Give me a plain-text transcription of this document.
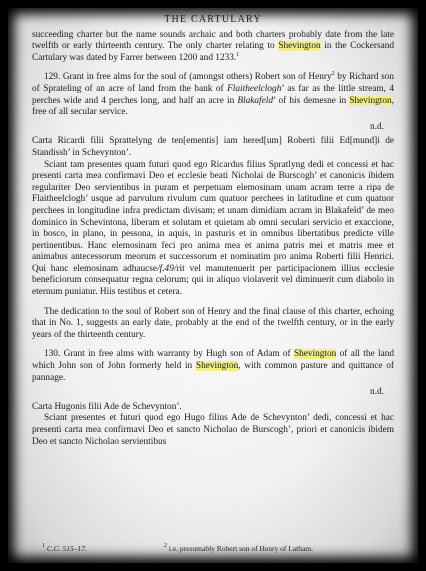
THE CARTULARY

succeeding charter but the name sounds archaic and both charters probably date from the late twelfth or early thirteenth century. The only charter relating to Shevington in the Cockersand Cartulary was dated by Farrer between 1200 and 1233.$^1$

129. Grant in free alms for the soul of (amongst others) Robert son of Henry$^2$ by Richard son of Sprateling of an acre of land from the bank of Flaitheelclogh’ as far as the little stream, 4 perches wide and 4 perches long, and half an acre in Blakafeld’ of his demesne in Shevington, free of all secular service.

n.d.

Carta Ricardi filii Sprattelyng de ten[ementis] iam hered[um] Roberti filii Ed[mund]i de Standissh’ in Schevynton’.

Sciant tam presentes quam futuri quod ego Ricardus filius Spratlyng dedi et concessi et hac presenti carta mea confirmavi Deo et ecclesie beati Nicholai de Burscogh’ et canonicis ibidem regulariter Deo servientibus in puram et perpetuam elemosinam unam acram terre a ripa de Flaitheelclogh’ usque ad parvulum rivulum cum quatuor perchees in latitudine et cum quatuor perchees in longitudine infra predictam divisam; et unam dimidiam acram in Blakafeld’ de meo dominico in Schevintona, liberam et solutam et quietam ab omni seculari servicio et exaccione, in bosco, in plano, in pessona, in aquis, in pasturis et in omnibus libertatibus predicte ville pertinentibus. Hanc elemosinam feci pro anima mea et anima patris mei et matris mee et animabus antecessorum meorum et successorum et nominatim pro anima Roberti filii Henrici. Qui hanc elemosinam adhaucse/f.49/rit vel manutenuerit per participacionem illius ecclesie beneficiorum consequatur regna celorum; qui in aliquo violaverit vel diminuerit cum diabolo in eternum puniatur. Hiis testibus et cetera.

The dedication to the soul of Robert son of Henry and the final clause of this charter, echoing that in No. 1, suggests an early date, probably at the end of the twelfth century, or in the early years of the thirteenth century.

130. Grant in free alms with warranty by Hugh son of Adam of Shevington of all the land which John son of John formerly held in Shevington, with common pasture and quittance of pannage.

n.d.

Carta Hugonis filii Ade de Schevynton’.

Sciant presentes et futuri quod ego Hugo filius Ade de Schevynton’ dedi, concessi et hac presenti carta mea confirmavi Deo et sancto Nicholao de Burscogh’, priori et canonicis ibidem Deo et sancto Nicholao servientibus

$^1$ C.C. 515–17.	$^2$ i.e. presumably Robert son of Henry of Latham.
